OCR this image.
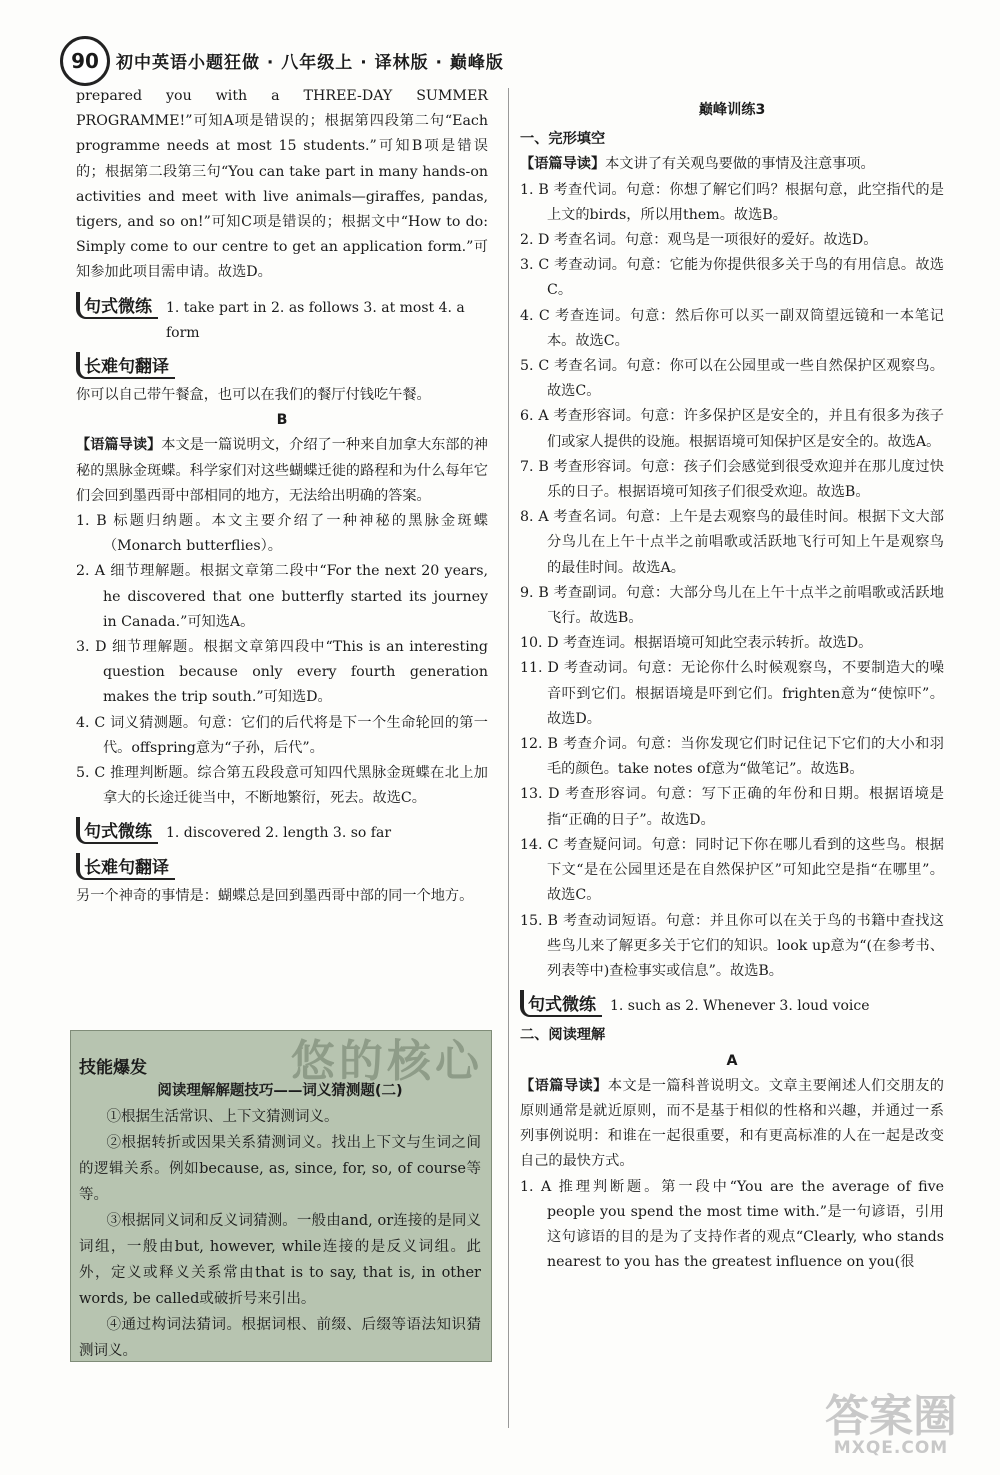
90	初中英语小题狂做 · 八年级上 · 译林版 · 巅峰版

prepared you with a THREE-DAY SUMMER PROGRAMME!”可知A项是错误的；根据第四段第二句“Each programme needs at most 15 students.”可知B项是错误的；根据第二段第三句“You can take part in many hands-on activities and meet with live animals—giraffes, pandas, tigers, and so on!”可知C项是错误的；根据文中“How to do: Simply come to our centre to get an application form.”可知参加此项目需申请。故选D。

句式微练	1. take part in 2. as follows 3. at most 4. a form
长难句翻译

你可以自己带午餐盒，也可以在我们的餐厅付钱吃午餐。

B

【语篇导读】本文是一篇说明文，介绍了一种来自加拿大东部的神秘的黑脉金斑蝶。科学家们对这些蝴蝶迁徙的路程和为什么每年它们会回到墨西哥中部相同的地方，无法给出明确的答案。

1. B 标题归纳题。本文主要介绍了一种神秘的黑脉金斑蝶（Monarch butterflies）。

2. A 细节理解题。根据文章第二段中“For the next 20 years, he discovered that one butterfly started its journey in Canada.”可知选A。

3. D 细节理解题。根据文章第四段中“This is an interesting question because only every fourth generation makes the trip south.”可知选D。

4. C 词义猜测题。句意：它们的后代将是下一个生命轮回的第一代。offspring意为“子孙，后代”。

5. C 推理判断题。综合第五段段意可知四代黑脉金斑蝶在北上加拿大的长途迁徙当中，不断地繁衍，死去。故选C。

句式微练	1. discovered 2. length 3. so far
长难句翻译

另一个神奇的事情是：蝴蝶总是回到墨西哥中部的同一个地方。

悠的核心
技能爆发
阅读理解解题技巧——词义猜测题(二)

①根据生活常识、上下文猜测词义。

②根据转折或因果关系猜测词义。找出上下文与生词之间的逻辑关系。例如because, as, since, for, so, of course等等。

③根据同义词和反义词猜测。一般由and, or连接的是同义词组，一般由but, however, while连接的是反义词组。此外，定义或释义关系常由that is to say, that is, in other words, be called或破折号来引出。

④通过构词法猜词。根据词根、前缀、后缀等语法知识猜测词义。

巅峰训练3

一、完形填空

【语篇导读】本文讲了有关观鸟要做的事情及注意事项。

1. B 考查代词。句意：你想了解它们吗？根据句意，此空指代的是上文的birds，所以用them。故选B。

2. D 考查名词。句意：观鸟是一项很好的爱好。故选D。

3. C 考查动词。句意：它能为你提供很多关于鸟的有用信息。故选C。

4. C 考查连词。句意：然后你可以买一副双筒望远镜和一本笔记本。故选C。

5. C 考查名词。句意：你可以在公园里或一些自然保护区观察鸟。故选C。

6. A 考查形容词。句意：许多保护区是安全的，并且有很多为孩子们或家人提供的设施。根据语境可知保护区是安全的。故选A。

7. B 考查形容词。句意：孩子们会感觉到很受欢迎并在那儿度过快乐的日子。根据语境可知孩子们很受欢迎。故选B。

8. A 考查名词。句意：上午是去观察鸟的最佳时间。根据下文大部分鸟儿在上午十点半之前唱歌或活跃地飞行可知上午是观察鸟的最佳时间。故选A。

9. B 考查副词。句意：大部分鸟儿在上午十点半之前唱歌或活跃地飞行。故选B。

10. D 考查连词。根据语境可知此空表示转折。故选D。

11. D 考查动词。句意：无论你什么时候观察鸟，不要制造大的噪音吓到它们。根据语境是吓到它们。frighten意为“使惊吓”。故选D。

12. B 考查介词。句意：当你发现它们时记住记下它们的大小和羽毛的颜色。take notes of意为“做笔记”。故选B。

13. D 考查形容词。句意：写下正确的年份和日期。根据语境是指“正确的日子”。故选D。

14. C 考查疑问词。句意：同时记下你在哪儿看到的这些鸟。根据下文“是在公园里还是在自然保护区”可知此空是指“在哪里”。故选C。

15. B 考查动词短语。句意：并且你可以在关于鸟的书籍中查找这些鸟儿来了解更多关于它们的知识。look up意为“(在参考书、列表等中)查检事实或信息”。故选B。

句式微练	1. such as 2. Whenever 3. loud voice

二、阅读理解

A

【语篇导读】本文是一篇科普说明文。文章主要阐述人们交朋友的原则通常是就近原则，而不是基于相似的性格和兴趣，并通过一系列事例说明：和谁在一起很重要，和有更高标准的人在一起是改变自己的最快方式。

1. A 推理判断题。第一段中“You are the average of five people you spend the most time with.”是一句谚语，引用这句谚语的目的是为了支持作者的观点“Clearly, who stands nearest to you has the greatest influence on you(很

答案圈
MXQE.COM
